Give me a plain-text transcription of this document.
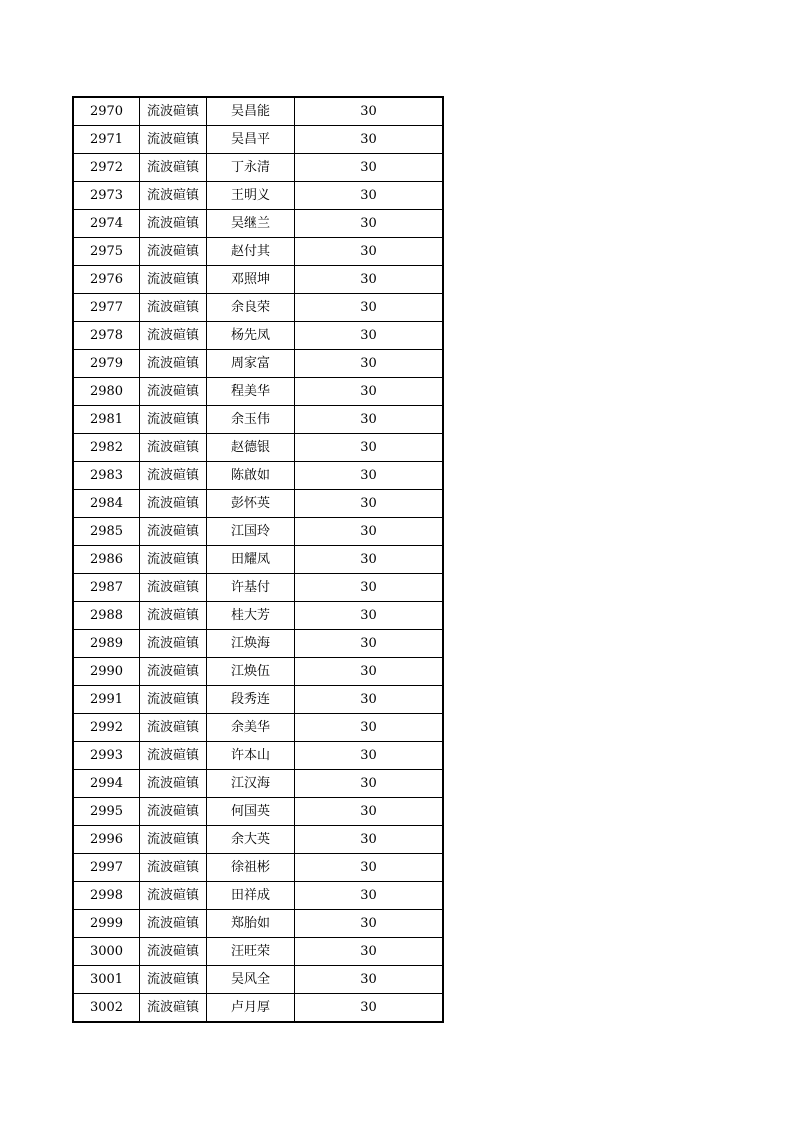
2970	流波碹镇	吴昌能	30
2971	流波碹镇	吴昌平	30
2972	流波碹镇	丁永清	30
2973	流波碹镇	王明义	30
2974	流波碹镇	吴继兰	30
2975	流波碹镇	赵付其	30
2976	流波碹镇	邓照坤	30
2977	流波碹镇	余良荣	30
2978	流波碹镇	杨先凤	30
2979	流波碹镇	周家富	30
2980	流波碹镇	程美华	30
2981	流波碹镇	余玉伟	30
2982	流波碹镇	赵德银	30
2983	流波碹镇	陈啟如	30
2984	流波碹镇	彭怀英	30
2985	流波碹镇	江国玲	30
2986	流波碹镇	田耀凤	30
2987	流波碹镇	许基付	30
2988	流波碹镇	桂大芳	30
2989	流波碹镇	江焕海	30
2990	流波碹镇	江焕伍	30
2991	流波碹镇	段秀连	30
2992	流波碹镇	余美华	30
2993	流波碹镇	许本山	30
2994	流波碹镇	江汉海	30
2995	流波碹镇	何国英	30
2996	流波碹镇	余大英	30
2997	流波碹镇	徐祖彬	30
2998	流波碹镇	田祥成	30
2999	流波碹镇	郑胎如	30
3000	流波碹镇	汪旺荣	30
3001	流波碹镇	吴风全	30
3002	流波碹镇	卢月厚	30
